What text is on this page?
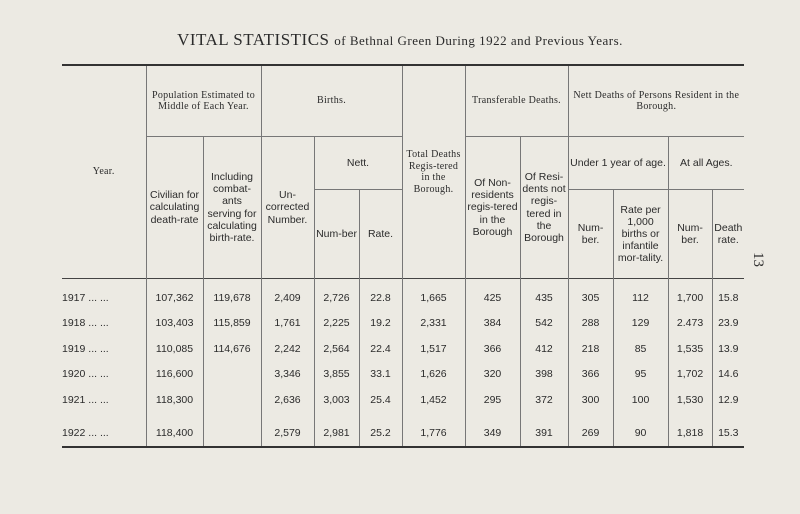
VITAL STATISTICS of Bethnal Green During 1922 and Previous Years.
13
Year.	Population Estimated to Middle of Each Year.		Births.			Total Deaths Regis-tered in the Borough.	Transferable Deaths.		Nett Deaths of Persons Resident in the Borough.			
	Civilian for calculating death-rate	Including combat-ants serving for calculating birth-rate.	Un-corrected Number.	Nett.			Of Non-residents regis-tered in the Borough	Of Resi-dents not regis-tered in the Borough	Under 1 year of age.		At all Ages.	
				Num-ber	Rate.				Num-ber.	Rate per 1,000 births or infantile mor-tality.	Num-ber.	Death rate.
1917 ... ...	107,362	119,678	2,409	2,726	22.8	1,665	425	435	305	112	1,700	15.8
1918 ... ...	103,403	115,859	1,761	2,225	19.2	2,331	384	542	288	129	2.473	23.9
1919 ... ...	110,085	114,676	2,242	2,564	22.4	1,517	366	412	218	85	1,535	13.9
1920 ... ...	116,600		3,346	3,855	33.1	1,626	320	398	366	95	1,702	14.6
1921 ... ...	118,300		2,636	3,003	25.4	1,452	295	372	300	100	1,530	12.9

1922 ... ...	118,400		2,579	2,981	25.2	1,776	349	391	269	90	1,818	15.3
